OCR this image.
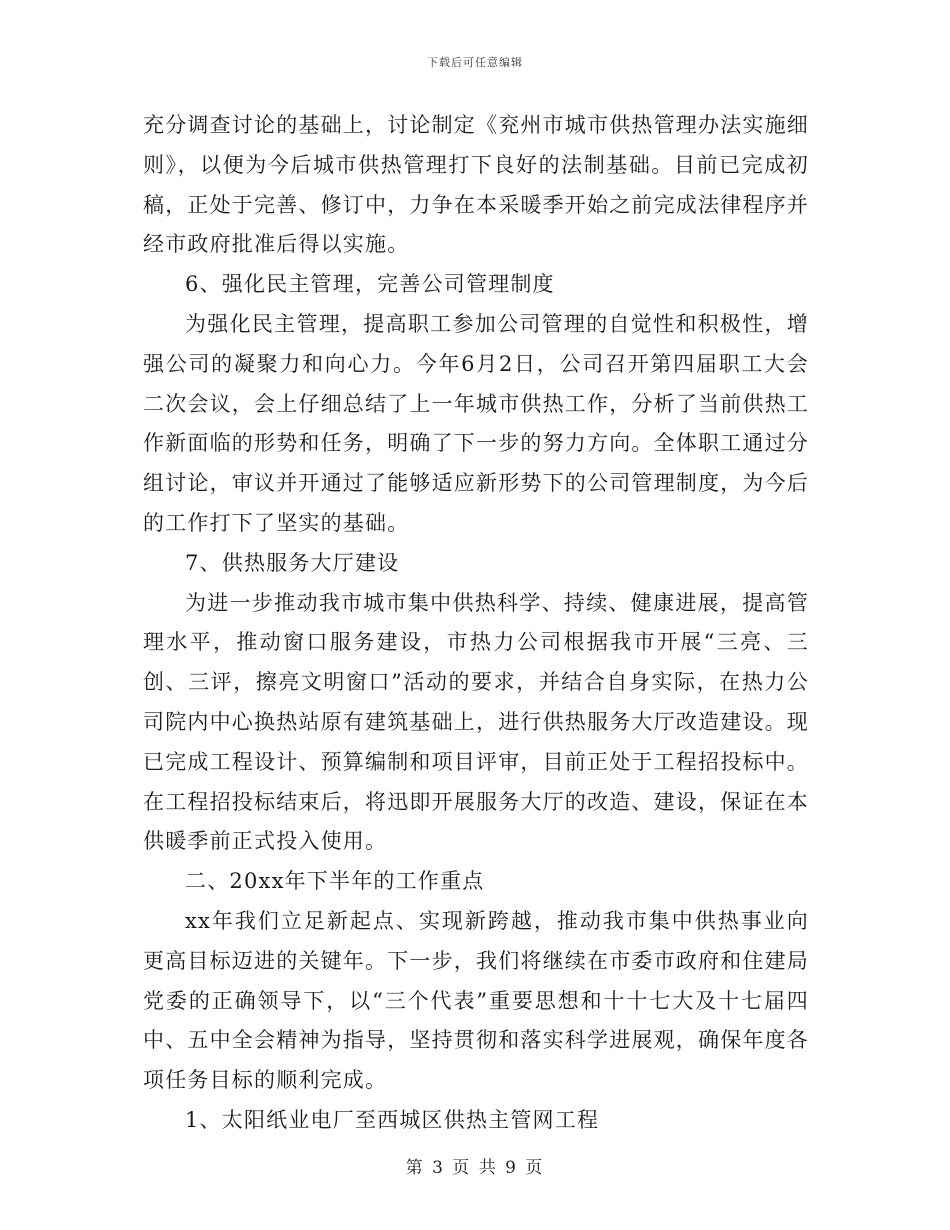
下载后可任意编辑

充分调查讨论的基础上，讨论制定《兖州市城市供热管理办法实施细则》，以便为今后城市供热管理打下良好的法制基础。目前已完成初稿，正处于完善、修订中，力争在本采暖季开始之前完成法律程序并经市政府批准后得以实施。

6、强化民主管理，完善公司管理制度

为强化民主管理，提高职工参加公司管理的自觉性和积极性，增强公司的凝聚力和向心力。今年6月2日，公司召开第四届职工大会二次会议，会上仔细总结了上一年城市供热工作，分析了当前供热工作新面临的形势和任务，明确了下一步的努力方向。全体职工通过分组讨论，审议并开通过了能够适应新形势下的公司管理制度，为今后的工作打下了坚实的基础。

7、供热服务大厅建设

为进一步推动我市城市集中供热科学、持续、健康进展，提高管理水平，推动窗口服务建设，市热力公司根据我市开展“三亮、三创、三评，擦亮文明窗口”活动的要求，并结合自身实际，在热力公司院内中心换热站原有建筑基础上，进行供热服务大厅改造建设。现已完成工程设计、预算编制和项目评审，目前正处于工程招投标中。在工程招投标结束后，将迅即开展服务大厅的改造、建设，保证在本供暖季前正式投入使用。

二、20xx年下半年的工作重点

xx年我们立足新起点、实现新跨越，推动我市集中供热事业向更高目标迈进的关键年。下一步，我们将继续在市委市政府和住建局党委的正确领导下，以“三个代表”重要思想和十十七大及十七届四中、五中全会精神为指导，坚持贯彻和落实科学进展观，确保年度各项任务目标的顺利完成。

1、太阳纸业电厂至西城区供热主管网工程

第 3 页 共 9 页
